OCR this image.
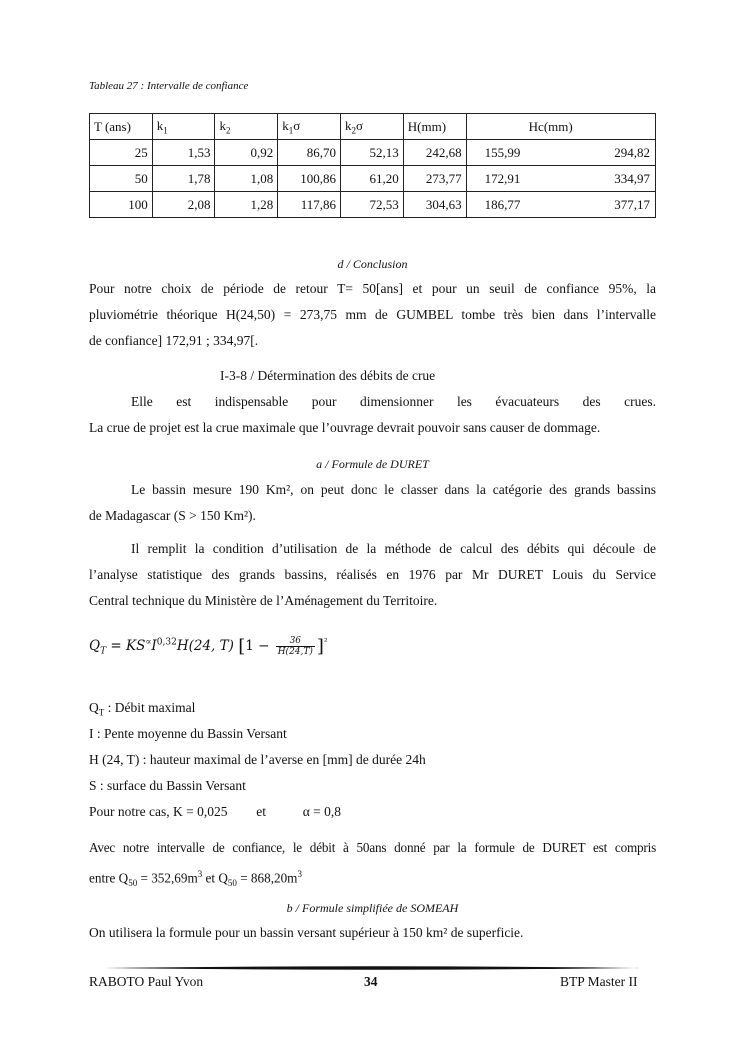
Tableau 27 : Intervalle de confiance
T (ans)	$k_1$	$k_2$	$k_1\sigma$	$k_2\sigma$	H(mm)	Hc(mm)

25	1,53	0,92	86,70	52,13	242,68	155,99 294,82

50	1,78	1,08	100,86	61,20	273,77	172,91 334,97

100	2,08	1,28	117,86	72,53	304,63	186,77 377,17
d / Conclusion
Pour notre choix de période de retour T= 50[ans] et pour un seuil de confiance 95%, la
pluviométrie théorique H(24,50) = 273,75 mm de GUMBEL tombe très bien dans l’intervalle
de confiance] 172,91 ; 334,97[.
I-3-8 / Détermination des débits de crue
Elle est indispensable pour dimensionner les évacuateurs des crues.
La crue de projet est la crue maximale que l’ouvrage devrait pouvoir sans causer de dommage.
a / Formule de DURET
Le bassin mesure 190 Km², on peut donc le classer dans la catégorie des grands bassins
de Madagascar (S > 150 Km²).
Il remplit la condition d’utilisation de la méthode de calcul des débits qui découle de
l’analyse statistique des grands bassins, réalisés en 1976 par Mr DURET Louis du Service
Central technique du Ministère de l’Aménagement du Territoire.
$Q_T = KS^\propto I^{0,32}H(24$, T) $[1 - \frac{36}{H(24,T)} ]^{^2}$
$Q_T$ : Débit maximal
I : Pente moyenne du Bassin Versant
H (24, T) : hauteur maximal de l’averse en [mm] de durée 24h
S : surface du Bassin Versant
Pour notre cas, K = 0,025 et	α = 0,8
Avec notre intervalle de confiance, le débit à 50ans donné par la formule de DURET est compris
entre $Q_{50} = 352,69m^3$ et $Q_{50} = 868,20m^3$
b / Formule simplifiée de SOMEAH
On utilisera la formule pour un bassin versant supérieur à 150 km² de superficie.
RABOTO Paul Yvon	34	BTP Master II
